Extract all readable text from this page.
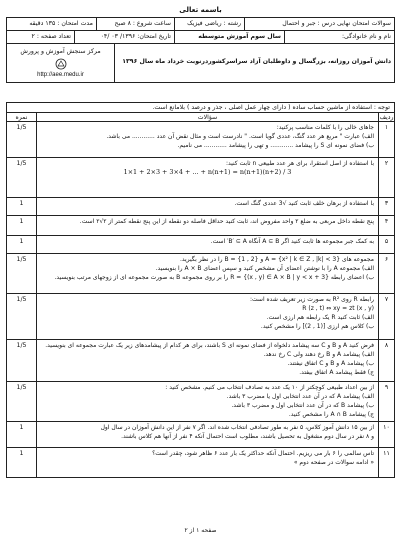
باسمه تعالی
سوالات امتحان نهایی درس : جبر و احتمال
رشته : ریاضی فیزیک
ساعت شروع : ۸ صبح
مدت امتحان : ۱۳۵ دقیقه
نام و نام خانوادگی:
سال سوم آموزش متوسطه
تاریخ امتحان: ۱۳۹۶/ ۰۳ /۰۴
تعداد صفحه : ۲
دانش آموزان روزانه، بزرگسال و داوطلبان آزاد سراسرکشوردرنوبت خرداد ماه سال ۱۳۹۶
مرکز سنجش آموزش و پرورش
http://aee.medu.ir
توجه : استفاده از ماشین حساب ساده ( دارای چهار عمل اصلی ، جذر و درصد ) بلامانع است.
ردیف
سؤالات
نمره
۱
جاهای خالی را با کلمات مناسب پرکنید:
الف) عبارت " مربع هر عدد گنگ، عددی گویا است. " نادرست است و مثال نقض آن عدد ............ می باشد.
ب) فضای نمونه ای S را پیشامد ............ و تهی را پیشامد ............ می نامیم.
1/5
۲
با استفاده از اصل استقرا، برای هر عدد طبیعی n ثابت کنید:
1×1 + 2×3 + 3×4 + ... + n(n+1) = n(n+1)(n+2) / 3
1/5
۳
با استفاده از برهان خلف ثابت کنید √3 عددی گنگ است.
1
۴
پنج نقطه داخل مربعی به ضلع ۲ واحد مفروض اند، ثابت کنید حداقل فاصله دو نقطه از این پنج نقطه کمتر از ۲√۲ است.
1
۵
به کمک جبر مجموعه ها ثابت کنید اگر A ⊆ B آنگاه B′ ⊆ A′ است.
1
۶
مجموعه های A = {x² | k ∈ Z , |k| < 3} و B = {1 , 2} را در نظر بگیرید.
الف) مجموعه A را با نوشتن اعضای آن مشخص کنید و سپس اعضای A × B را بنویسید.
ب) اعضای رابطه R = {(x , y) ∈ A × B | y < x + 3} را بر روی مجموعه B به صورت مجموعه ای از زوجهای مرتب بنویسید.
1/5
۷
رابطه R روی R² به صورت زیر تعریف شده است:
(x , y) R (z , t) ⇔ xy = zt
الف) ثابت کنید R یک رابطه هم ارزی است.
ب) کلاس هم ارزی [(1 , 2)] را مشخص کنید.
1/5
۸
فرض کنید A و B و C سه پیشامد دلخواه از فضای نمونه ای S باشند، برای هر کدام از پیشامدهای زیر یک عبارت مجموعه ای بنویسید.
الف) پیشامد A و B رخ دهند ولی C رخ ندهد.
ب) پیشامد A و B و C اتفاق نیفتند.
ج) فقط پیشامد A اتفاق بیفتد.
1/5
۹
از بین اعداد طبیعی کوچکتر از ۱۰ یک عدد به تصادف انتخاب می کنیم. مشخص کنید :
الف) پیشامد A که در آن عدد انتخابی اول یا مضرب ۳ باشد.
ب) پیشامد B که در آن عدد انتخابی اول و مضرب ۳ باشد.
ج) پیشامد A ∩ B را مشخص کنید.
1/5
۱۰
از بین ۱۵ دانش آموز کلاس، ۵ نفر به طور تصادفی انتخاب شده اند. اگر ۷ نفر از این دانش آموزان در سال اول
و ۸ نفر در سال دوم مشغول به تحصیل باشند، مطلوب است احتمال آنکه ۴ نفر از آنها هم کلاس باشند.
1
۱۱
تاس سالمی را ۶ بار می ریزیم. احتمال آنکه حداکثر یک بار عدد ۶ ظاهر شود، چقدر است؟
« ادامه سوالات در صفحه دوم »
1
صفحه ۱ از ۲
